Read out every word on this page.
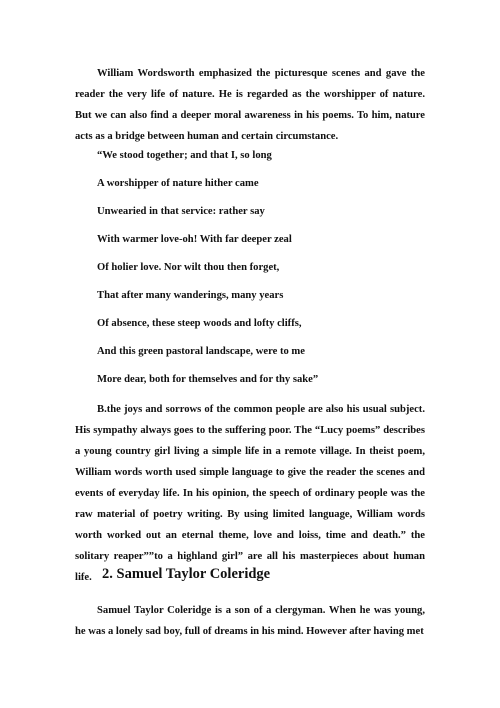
William Wordsworth emphasized the picturesque scenes and gave the reader the very life of nature. He is regarded as the worshipper of nature. But we can also find a deeper moral awareness in his poems. To him, nature acts as a bridge between human and certain circumstance.

“We stood together; and that I, so long
A worshipper of nature hither came
Unwearied in that service: rather say
With warmer love-oh! With far deeper zeal
Of holier love. Nor wilt thou then forget,
That after many wanderings, many years
Of absence, these steep woods and lofty cliffs,
And this green pastoral landscape, were to me
More dear, both for themselves and for thy sake”

B.the joys and sorrows of the common people are also his usual subject. His sympathy always goes to the suffering poor. The “Lucy poems” describes a young country girl living a simple life in a remote village. In theist poem, William words worth used simple language to give the reader the scenes and events of everyday life. In his opinion, the speech of ordinary people was the raw material of poetry writing. By using limited language, William words worth worked out an eternal theme, love and loiss, time and death.” the solitary reaper””to a highland girl” are all his masterpieces about human life. 2. Samuel Taylor Coleridge

Samuel Taylor Coleridge is a son of a clergyman. When he was young, he was a lonely sad boy, full of dreams in his mind. However after having met
